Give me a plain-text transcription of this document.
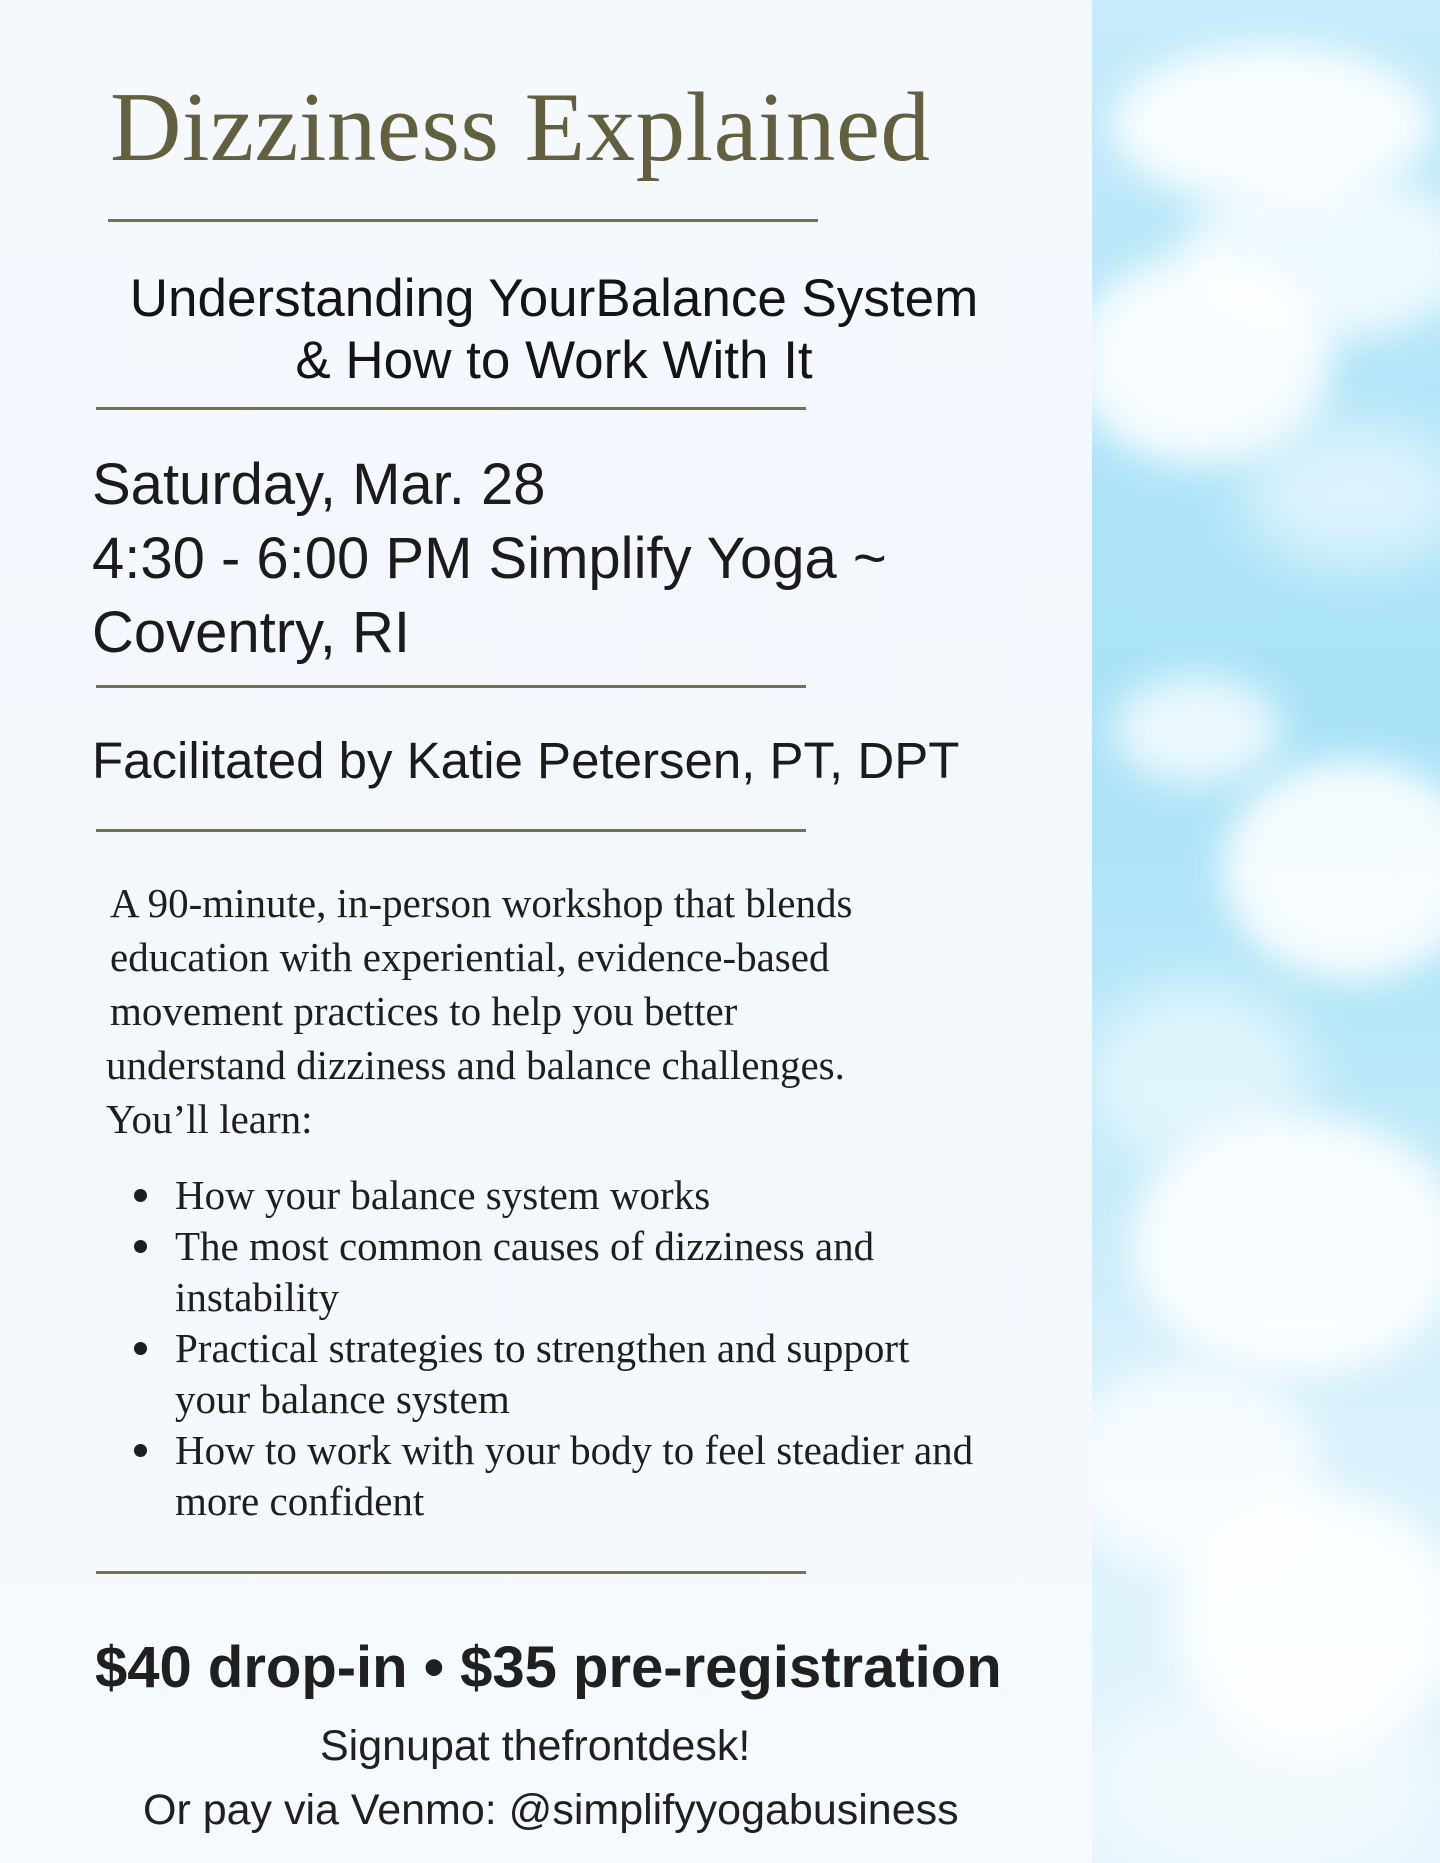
Dizziness Explained
Understanding YourBalance System
& How to Work With It
Saturday, Mar. 28
4:30 - 6:00 PM Simplify Yoga ~
Coventry, RI
Facilitated by Katie Petersen, PT, DPT
A 90-minute, in-person workshop that blends
education with experiential, evidence-based
movement practices to help you better
understand dizziness and balance challenges.
You’ll learn:
How your balance system works
The most common causes of dizziness and
instability
Practical strategies to strengthen and support
your balance system
How to work with your body to feel steadier and
more confident
$40 drop-in • $35 pre-registration
Signupat thefrontdesk!
Or pay via Venmo: @simplifyyogabusiness
